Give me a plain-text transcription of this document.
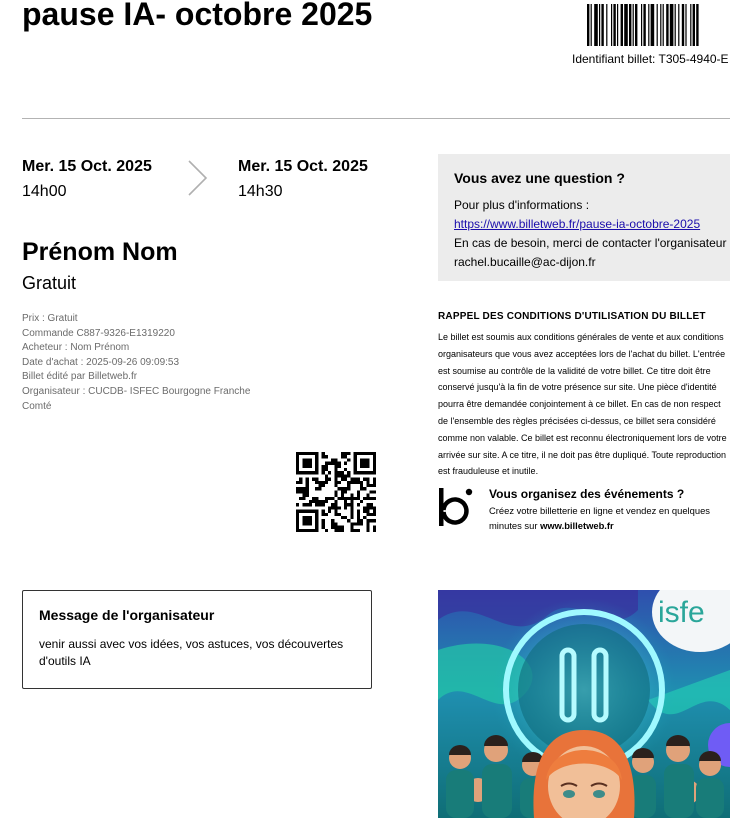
pause IA- octobre 2025
Identifiant billet: T305-4940-E
Mer. 15 Oct. 2025
14h00
Mer. 15 Oct. 2025
14h30
Prénom Nom
Gratuit
Prix : Gratuit
Commande C887-9326-E1319220
Acheteur : Nom Prénom
Date d'achat : 2025-09-26 09:09:53
Billet édité par Billetweb.fr
Organisateur : CUCDB- ISFEC Bourgogne Franche
Comté
Vous avez une question ?
Pour plus d'informations :
https://www.billetweb.fr/pause-ia-octobre-2025
En cas de besoin, merci de contacter l'organisateur
rachel.bucaille@ac-dijon.fr
RAPPEL DES CONDITIONS D'UTILISATION DU BILLET
Le billet est soumis aux conditions générales de vente et aux conditions
organisateurs que vous avez acceptées lors de l'achat du billet. L'entrée
est soumise au contrôle de la validité de votre billet. Ce titre doit être
conservé jusqu'à la fin de votre présence sur site. Une pièce d'identité
pourra être demandée conjointement à ce billet. En cas de non respect
de l'ensemble des règles précisées ci-dessus, ce billet sera considéré
comme non valable. Ce billet est reconnu électroniquement lors de votre
arrivée sur site. A ce titre, il ne doit pas être dupliqué. Toute reproduction
est frauduleuse et inutile.
Vous organisez des événements ?
Créez votre billetterie en ligne et vendez en quelques
minutes sur www.billetweb.fr
Message de l'organisateur
venir aussi avec vos idées, vos astuces, vos découvertes d'outils IA
isfe
